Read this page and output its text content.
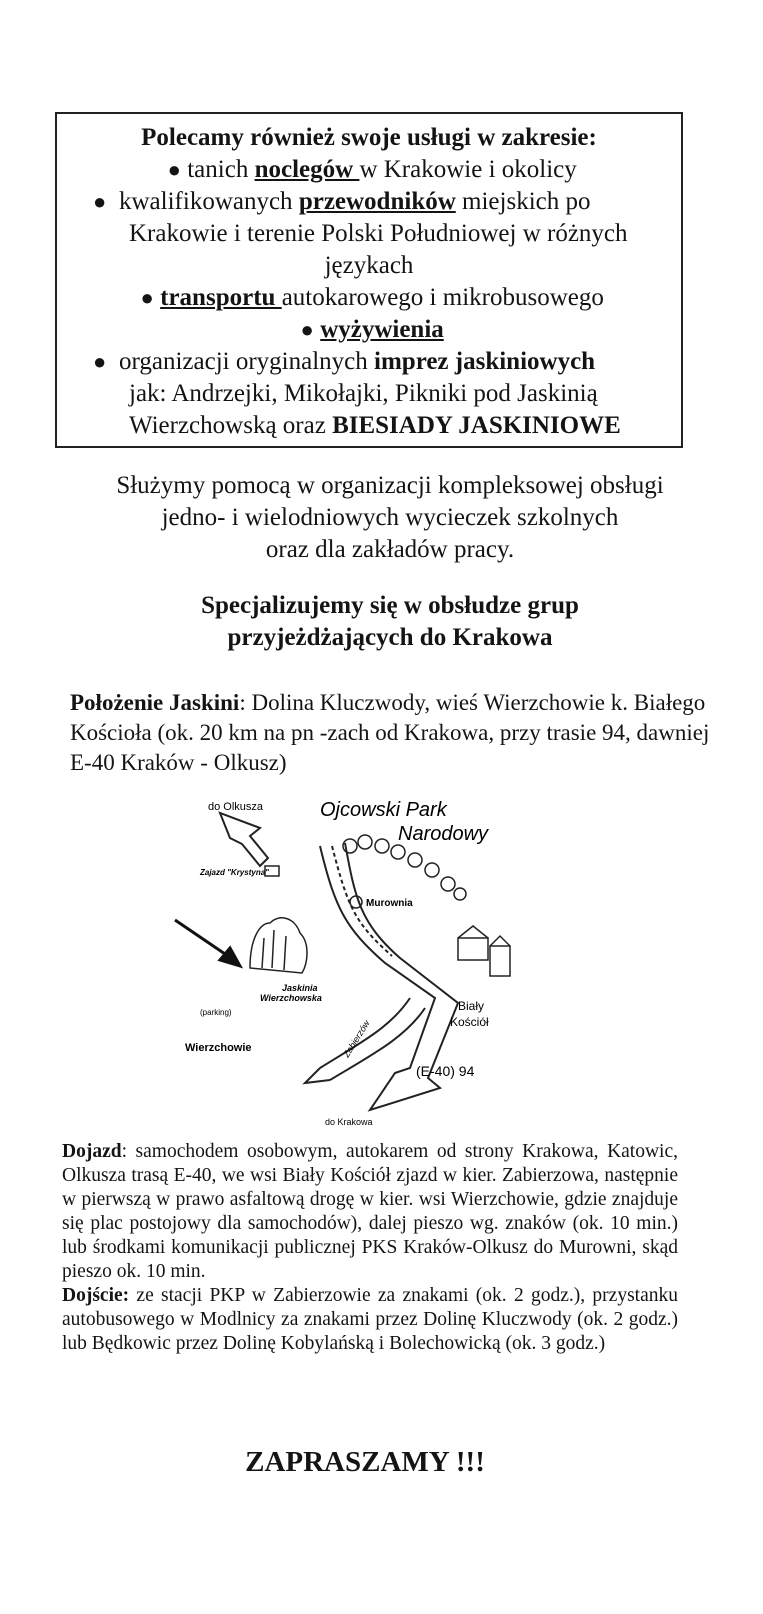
Polecamy również swoje usługi w zakresie:
● tanich noclegów w Krakowie i okolicy
● kwalifikowanych przewodników miejskich po
Krakowie i terenie Polski Południowej w różnych
językach
● transportu autokarowego i mikrobusowego
● wyżywienia
● organizacji oryginalnych imprez jaskiniowych
jak: Andrzejki, Mikołajki, Pikniki pod Jaskinią
Wierzchowską oraz BIESIADY JASKINIOWE
Służymy pomocą w organizacji kompleksowej obsługi
jedno- i wielodniowych wycieczek szkolnych
oraz dla zakładów pracy.
Specjalizujemy się w obsłudze grup
przyjeżdżających do Krakowa
Położenie Jaskini: Dolina Kluczwody, wieś Wierzchowie k. Białego Kościoła (ok. 20 km na pn -zach od Krakowa, przy trasie 94, dawniej E-40 Kraków - Olkusz)
do Olkusza
Zajazd "Krystyna"
Ojcowski Park
Narodowy
Murownia
Biały
Kościół
Jaskinia
Wierzchowska
(parking)
Wierzchowie	Zabierzów
(E-40) 94
do Krakowa
Dojazd: samochodem osobowym, autokarem od strony Krakowa, Katowic, Olkusza trasą E-40, we wsi Biały Kościół zjazd w kier. Zabierzowa, następnie w pierwszą w prawo asfaltową drogę w kier. wsi Wierzchowie, gdzie znajduje się plac postojowy dla samochodów), dalej pieszo wg. znaków (ok. 10 min.) lub środkami komunikacji publicznej PKS Kraków-Olkusz do Murowni, skąd pieszo ok. 10 min.
Dojście: ze stacji PKP w Zabierzowie za znakami (ok. 2 godz.), przystanku autobusowego w Modlnicy za znakami przez Dolinę Kluczwody (ok. 2 godz.) lub Będkowic przez Dolinę Kobylańską i Bolechowicką (ok. 3 godz.)
ZAPRASZAMY !!!
